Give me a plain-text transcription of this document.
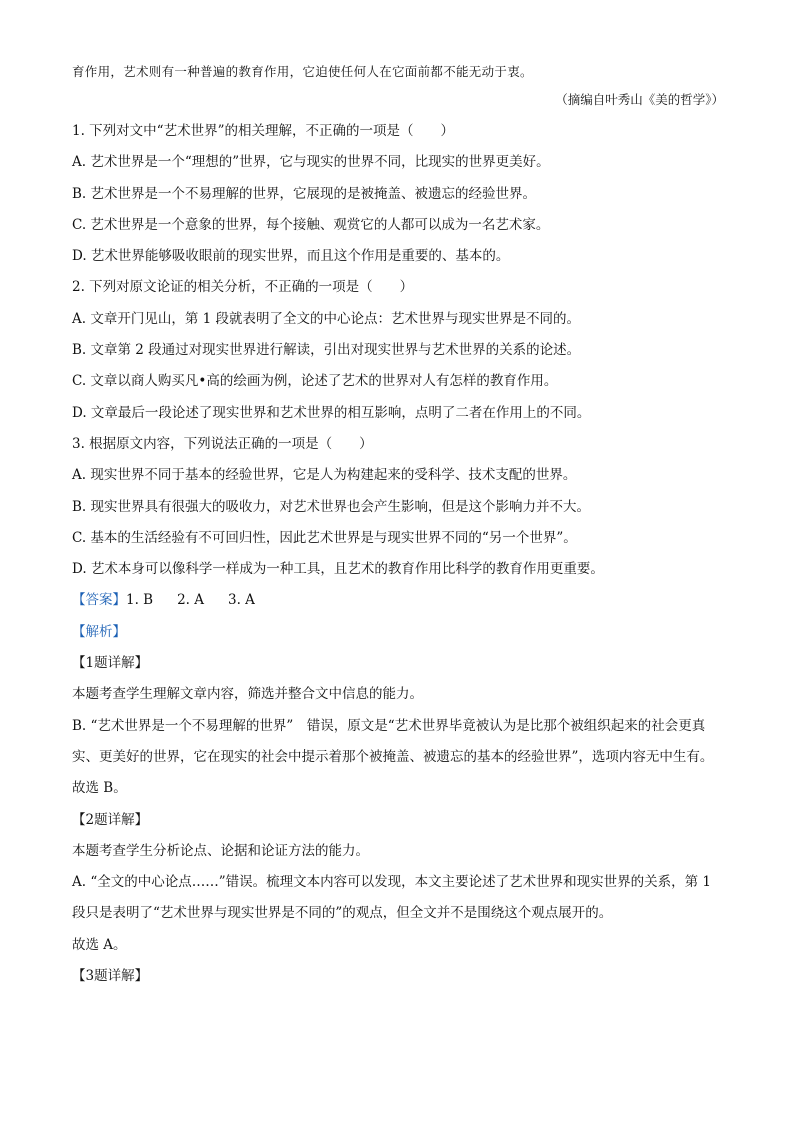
育作用，艺术则有一种普遍的教育作用，它迫使任何人在它面前都不能无动于衷。
（摘编自叶秀山《美的哲学》）
1. 下列对文中“艺术世界”的相关理解，不正确的一项是（　　）
A. 艺术世界是一个“理想的”世界，它与现实的世界不同，比现实的世界更美好。
B. 艺术世界是一个不易理解的世界，它展现的是被掩盖、被遗忘的经验世界。
C. 艺术世界是一个意象的世界，每个接触、观赏它的人都可以成为一名艺术家。
D. 艺术世界能够吸收眼前的现实世界，而且这个作用是重要的、基本的。
2. 下列对原文论证的相关分析，不正确的一项是（　　）
A. 文章开门见山，第 1 段就表明了全文的中心论点：艺术世界与现实世界是不同的。
B. 文章第 2 段通过对现实世界进行解读，引出对现实世界与艺术世界的关系的论述。
C. 文章以商人购买凡•高的绘画为例，论述了艺术的世界对人有怎样的教育作用。
D. 文章最后一段论述了现实世界和艺术世界的相互影响，点明了二者在作用上的不同。
3. 根据原文内容，下列说法正确的一项是（　　）
A. 现实世界不同于基本的经验世界，它是人为构建起来的受科学、技术支配的世界。
B. 现实世界具有很强大的吸收力，对艺术世界也会产生影响，但是这个影响力并不大。
C. 基本的生活经验有不可回归性，因此艺术世界是与现实世界不同的“另一个世界”。
D. 艺术本身可以像科学一样成为一种工具，且艺术的教育作用比科学的教育作用更重要。
【答案】1. B 2. A 3. A
【解析】
【1题详解】
本题考查学生理解文章内容，筛选并整合文中信息的能力。
B. “艺术世界是一个不易理解的世界”　错误，原文是“艺术世界毕竟被认为是比那个被组织起来的社会更真实、更美好的世界，它在现实的社会中提示着那个被掩盖、被遗忘的基本的经验世界”，选项内容无中生有。
故选 B。
【2题详解】
本题考查学生分析论点、论据和论证方法的能力。
A. “全文的中心论点……”错误。梳理文本内容可以发现，本文主要论述了艺术世界和现实世界的关系，第 1 段只是表明了“艺术世界与现实世界是不同的”的观点，但全文并不是围绕这个观点展开的。
故选 A。
【3题详解】
